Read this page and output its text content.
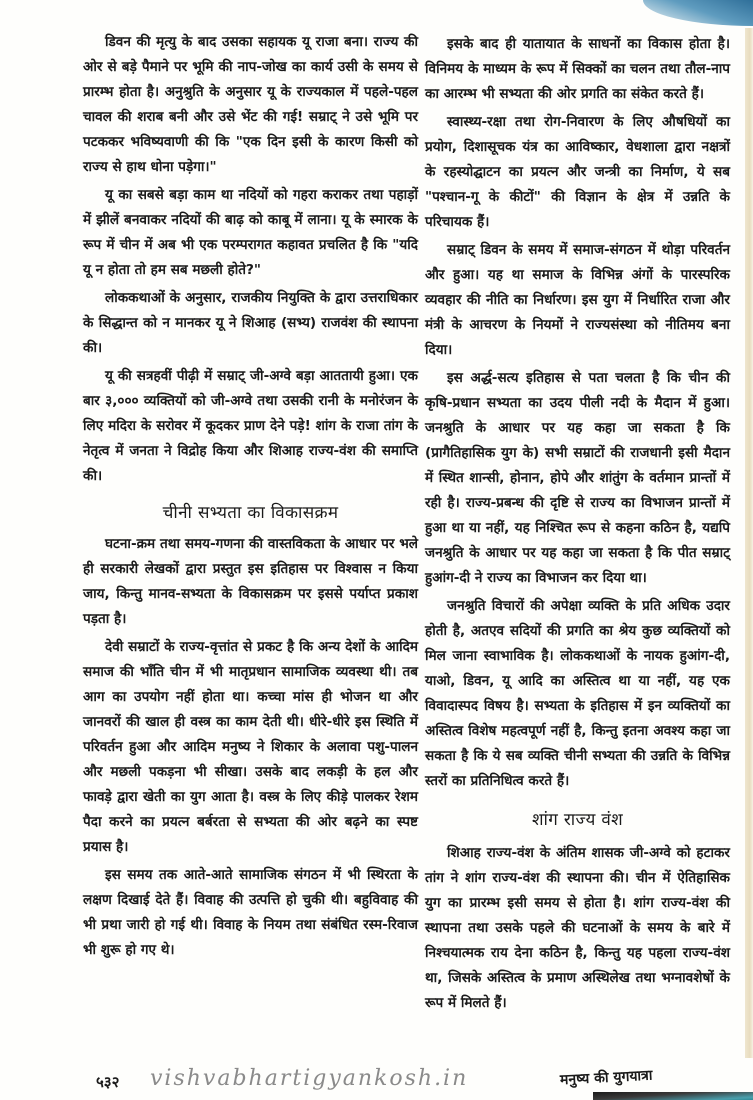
डिवन की मृत्यु के बाद उसका सहायक यू राजा बना। राज्य की ओर से बड़े पैमाने पर भूमि की नाप-जोख का कार्य उसी के समय से प्रारम्भ होता है। अनुश्रुति के अनुसार यू के राज्यकाल में पहले-पहल चावल की शराब बनी और उसे भेंट की गई! सम्राट् ने उसे भूमि पर पटककर भविष्यवाणी की कि "एक दिन इसी के कारण किसी को राज्य से हाथ धोना पड़ेगा।"

यू का सबसे बड़ा काम था नदियों को गहरा कराकर तथा पहाड़ों में झीलें बनवाकर नदियों की बाढ़ को काबू में लाना। यू के स्मारक के रूप में चीन में अब भी एक परम्परागत कहावत प्रचलित है कि "यदि यू न होता तो हम सब मछली होते?"

लोककथाओं के अनुसार, राजकीय नियुक्ति के द्वारा उत्तराधिकार के सिद्धान्त को न मानकर यू ने शिआह (सभ्य) राजवंश की स्थापना की।

यू की सत्रहवीं पीढ़ी में सम्राट् जी-अग्वे बड़ा आततायी हुआ। एक बार ३,००० व्यक्तियों को जी-अग्वे तथा उसकी रानी के मनोरंजन के लिए मदिरा के सरोवर में कूदकर प्राण देने पड़े! शांग के राजा तांग के नेतृत्व में जनता ने विद्रोह किया और शिआह राज्य-वंश की समाप्ति की।

चीनी सभ्यता का विकासक्रम

घटना-क्रम तथा समय-गणना की वास्तविकता के आधार पर भले ही सरकारी लेखकों द्वारा प्रस्तुत इस इतिहास पर विश्वास न किया जाय, किन्तु मानव-सभ्यता के विकासक्रम पर इससे पर्याप्त प्रकाश पड़ता है।

देवी सम्राटों के राज्य-वृत्तांत से प्रकट है कि अन्य देशों के आदिम समाज की भाँति चीन में भी मातृप्रधान सामाजिक व्यवस्था थी। तब आग का उपयोग नहीं होता था। कच्चा मांस ही भोजन था और जानवरों की खाल ही वस्त्र का काम देती थी। धीरे-धीरे इस स्थिति में परिवर्तन हुआ और आदिम मनुष्य ने शिकार के अलावा पशु-पालन और मछली पकड़ना भी सीखा। उसके बाद लकड़ी के हल और फावड़े द्वारा खेती का युग आता है। वस्त्र के लिए कीड़े पालकर रेशम पैदा करने का प्रयत्न बर्बरता से सभ्यता की ओर बढ़ने का स्पष्ट प्रयास है।

इस समय तक आते-आते सामाजिक संगठन में भी स्थिरता के लक्षण दिखाई देते हैं। विवाह की उत्पत्ति हो चुकी थी। बहुविवाह की भी प्रथा जारी हो गई थी। विवाह के नियम तथा संबंधित रस्म-रिवाज भी शुरू हो गए थे।

इसके बाद ही यातायात के साधनों का विकास होता है। विनिमय के माध्यम के रूप में सिक्कों का चलन तथा तौल-नाप का आरम्भ भी सभ्यता की ओर प्रगति का संकेत करते हैं।

स्वास्थ्य-रक्षा तथा रोग-निवारण के लिए औषधियों का प्रयोग, दिशासूचक यंत्र का आविष्कार, वेधशाला द्वारा नक्षत्रों के रहस्योद्घाटन का प्रयत्न और जन्त्री का निर्माण, ये सब "पश्चान-गू के कीटों" की विज्ञान के क्षेत्र में उन्नति के परिचायक हैं।

सम्राट् डिवन के समय में समाज-संगठन में थोड़ा परिवर्तन और हुआ। यह था समाज के विभिन्न अंगों के पारस्परिक व्यवहार की नीति का निर्धारण। इस युग में निर्धारित राजा और मंत्री के आचरण के नियमों ने राज्यसंस्था को नीतिमय बना दिया।

इस अर्द्ध-सत्य इतिहास से पता चलता है कि चीन की कृषि-प्रधान सभ्यता का उदय पीली नदी के मैदान में हुआ। जनश्रुति के आधार पर यह कहा जा सकता है कि (प्रागैतिहासिक युग के) सभी सम्राटों की राजधानी इसी मैदान में स्थित शान्सी, होनान, होपे और शांतुंग के वर्तमान प्रान्तों में रही है। राज्य-प्रबन्ध की दृष्टि से राज्य का विभाजन प्रान्तों में हुआ था या नहीं, यह निश्चित रूप से कहना कठिन है, यद्यपि जनश्रुति के आधार पर यह कहा जा सकता है कि पीत सम्राट् हुआंग-दी ने राज्य का विभाजन कर दिया था।

जनश्रुति विचारों की अपेक्षा व्यक्ति के प्रति अधिक उदार होती है, अतएव सदियों की प्रगति का श्रेय कुछ व्यक्तियों को मिल जाना स्वाभाविक है। लोककथाओं के नायक हुआंग-दी, याओ, डिवन, यू आदि का अस्तित्व था या नहीं, यह एक विवादास्पद विषय है। सभ्यता के इतिहास में इन व्यक्तियों का अस्तित्व विशेष महत्वपूर्ण नहीं है, किन्तु इतना अवश्य कहा जा सकता है कि ये सब व्यक्ति चीनी सभ्यता की उन्नति के विभिन्न स्तरों का प्रतिनिधित्व करते हैं।

शांग राज्य वंश

शिआह राज्य-वंश के अंतिम शासक जी-अग्वे को हटाकर तांग ने शांग राज्य-वंश की स्थापना की। चीन में ऐतिहासिक युग का प्रारम्भ इसी समय से होता है। शांग राज्य-वंश की स्थापना तथा उसके पहले की घटनाओं के समय के बारे में निश्चयात्मक राय देना कठिन है, किन्तु यह पहला राज्य-वंश था, जिसके अस्तित्व के प्रमाण अस्थिलेख तथा भग्नावशेषों के रूप में मिलते हैं।

५३२ vishvabhartigyankosh.in	मनुष्य की युगयात्रा
